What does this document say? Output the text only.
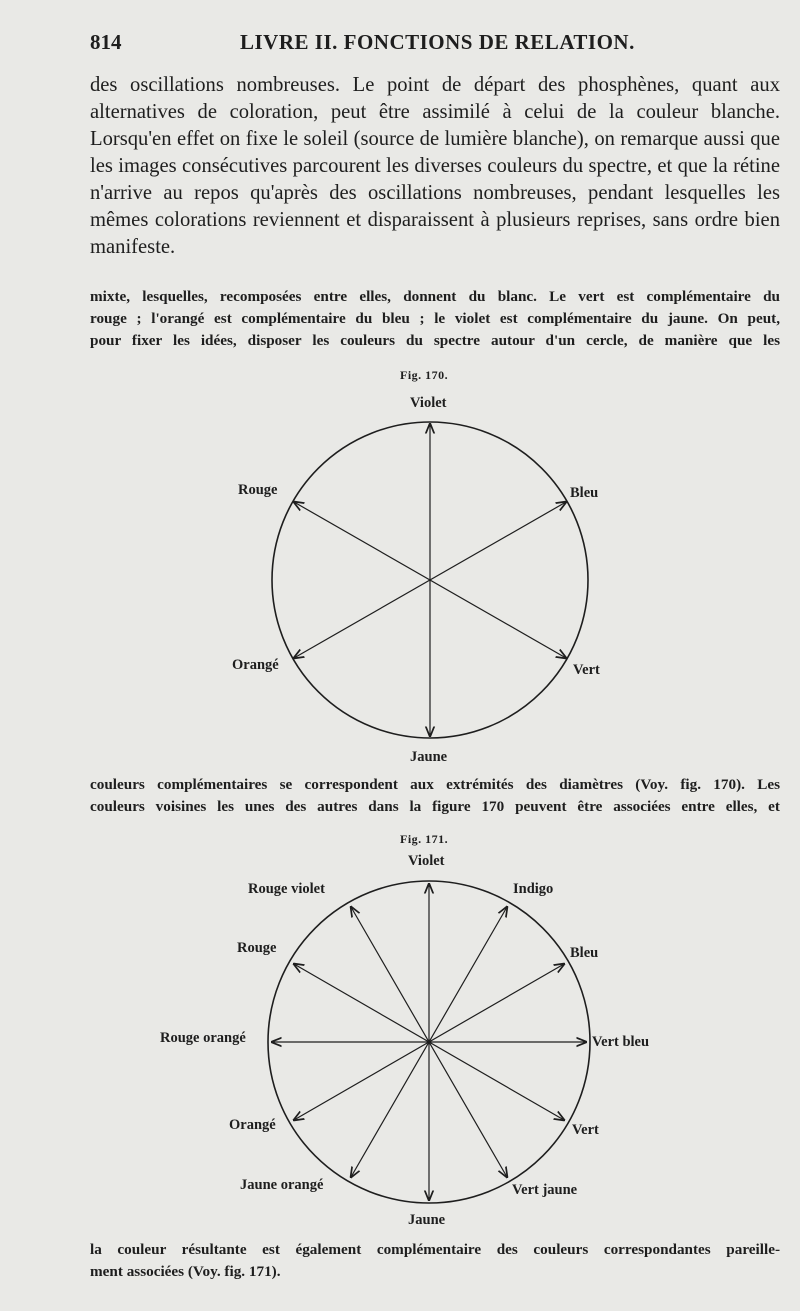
814	LIVRE II. FONCTIONS DE RELATION.
des oscillations nombreuses. Le point de départ des phosphènes, quant aux alternatives de coloration, peut être assimilé à celui de la couleur blanche. Lorsqu'en effet on fixe le soleil (source de lumière blanche), on remarque aussi que les images consécutives parcourent les diverses couleurs du spectre, et que la rétine n'arrive au repos qu'après des oscillations nombreuses, pendant lesquelles les mêmes colorations reviennent et disparaissent à plusieurs reprises, sans ordre bien manifeste.
mixte, lesquelles, recomposées entre elles, donnent du blanc. Le vert est complémentaire du
rouge ; l'orangé est complémentaire du bleu ; le violet est complémentaire du jaune. On peut,
pour fixer les idées, disposer les couleurs du spectre autour d'un cercle, de manière que les
Fig. 170.
Violet
Rouge	Bleu
Orangé	Vert
Jaune
couleurs complémentaires se correspondent aux extrémités des diamètres (Voy. fig. 170). Les
couleurs voisines les unes des autres dans la figure 170 peuvent être associées entre elles, et
Fig. 171.
Violet
Rouge violet	Indigo
Rouge	Bleu
Rouge orangé	Vert bleu
Orangé	Vert
Jaune orangé	Vert jaune
Jaune
la couleur résultante est également complémentaire des couleurs correspondantes pareille-
ment associées (Voy. fig. 171).
